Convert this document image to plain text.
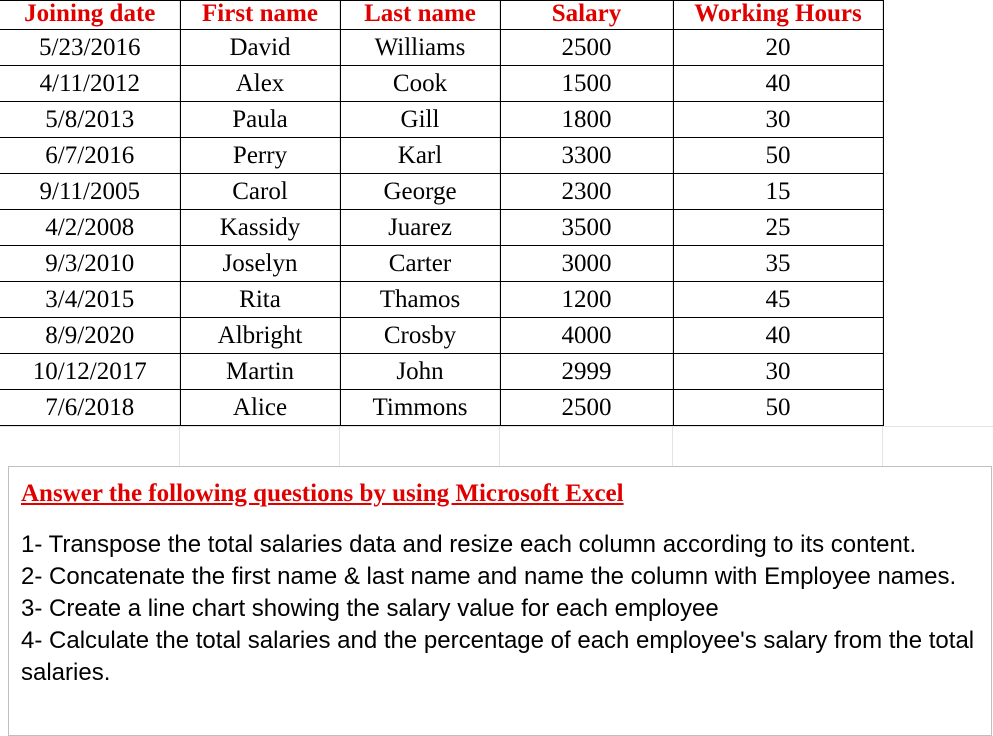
Joining date	First name	Last name	Salary	Working Hours
5/23/2016	David	Williams	2500	20
4/11/2012	Alex	Cook	1500	40
5/8/2013	Paula	Gill	1800	30
6/7/2016	Perry	Karl	3300	50
9/11/2005	Carol	George	2300	15
4/2/2008	Kassidy	Juarez	3500	25
9/3/2010	Joselyn	Carter	3000	35
3/4/2015	Rita	Thamos	1200	45
8/9/2020	Albright	Crosby	4000	40
10/12/2017	Martin	John	2999	30
7/6/2018	Alice	Timmons	2500	50

Answer the following questions by using Microsoft Excel

1- Transpose the total salaries data and resize each column according to its content.

2- Concatenate the first name & last name and name the column with Employee names.

3- Create a line chart showing the salary value for each employee

4- Calculate the total salaries and the percentage of each employee's salary from the total salaries.
